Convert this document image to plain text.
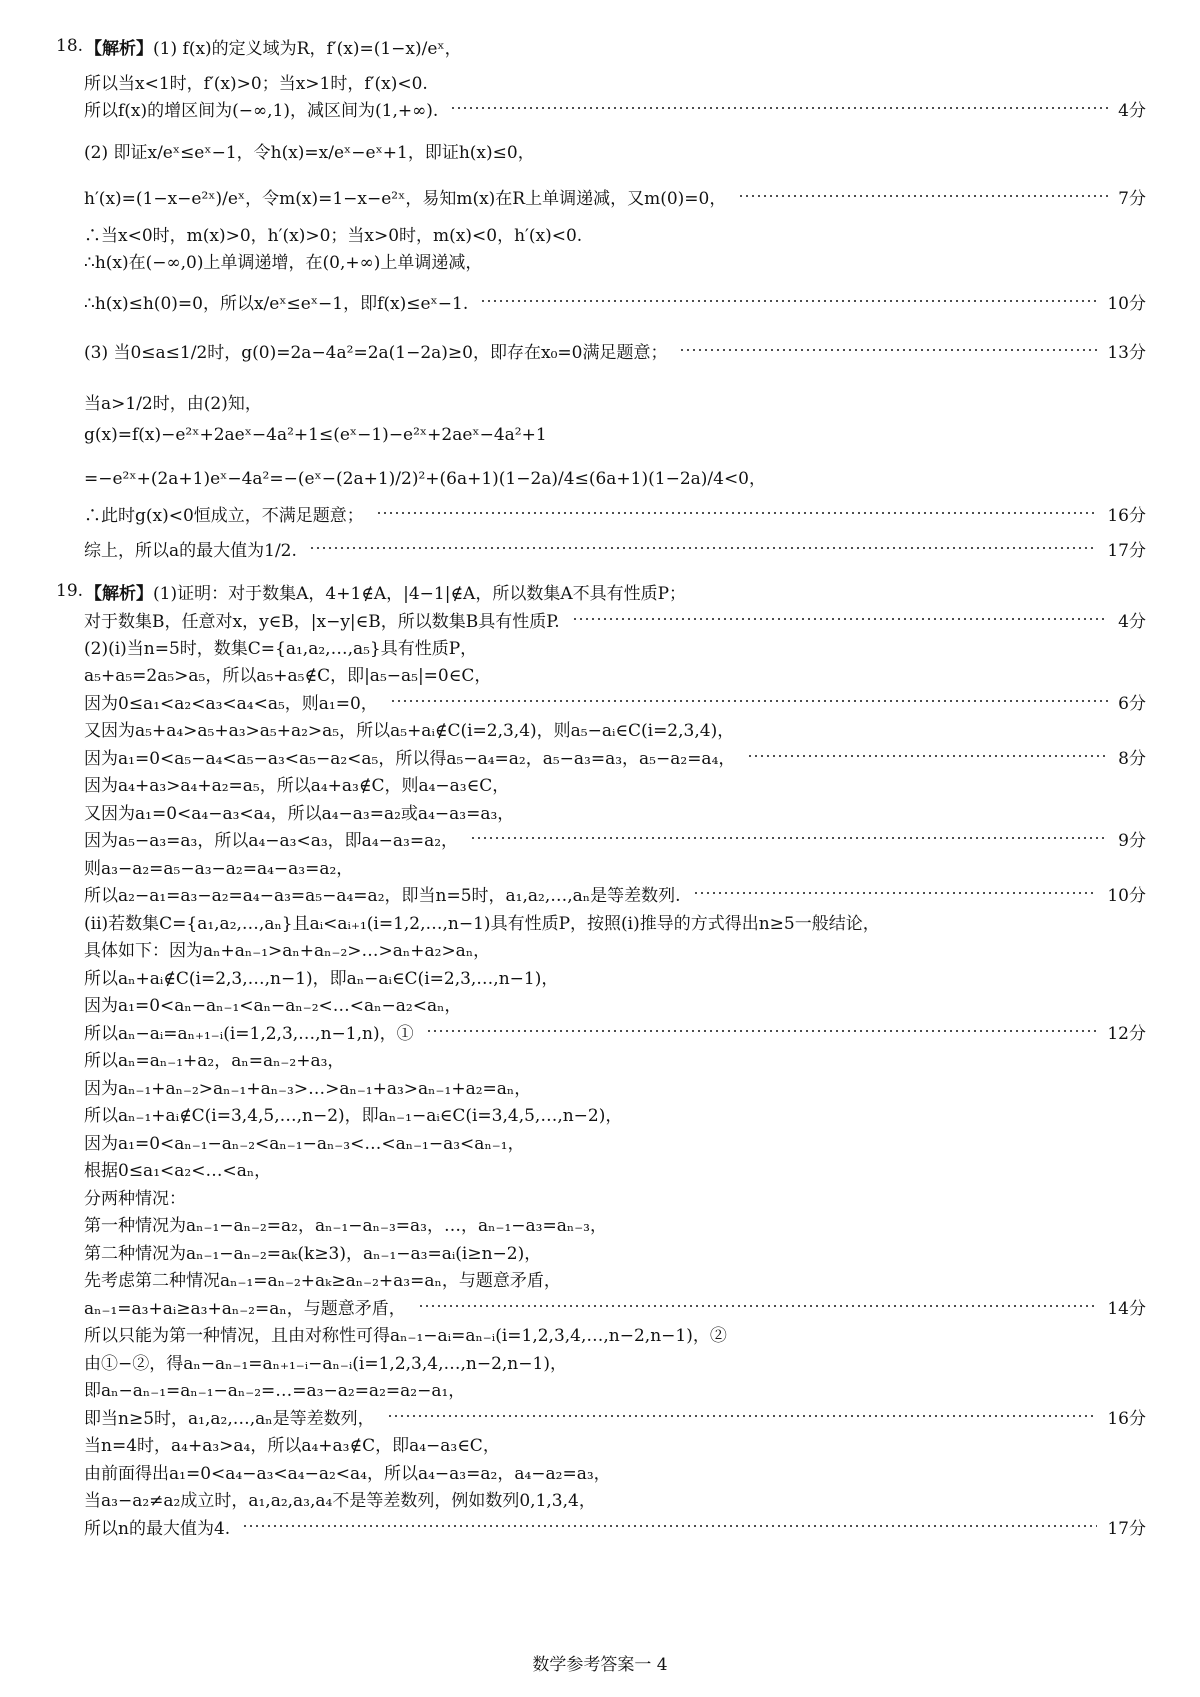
18. 【解析】 (1) f(x)的定义域为R，f′(x)=(1−x)/eˣ，
所以当x<1时，f′(x)>0；当x>1时，f′(x)<0.
所以f(x)的增区间为(−∞,1)，减区间为(1,+∞).	4分
(2) 即证x/eˣ≤eˣ−1，令h(x)=x/eˣ−eˣ+1，即证h(x)≤0，
h′(x)=(1−x−e²ˣ)/eˣ，令m(x)=1−x−e²ˣ，易知m(x)在R上单调递减，又m(0)=0，	7分
∴当x<0时，m(x)>0，h′(x)>0；当x>0时，m(x)<0，h′(x)<0.
∴h(x)在(−∞,0)上单调递增，在(0,+∞)上单调递减，
∴h(x)≤h(0)=0，所以x/eˣ≤eˣ−1，即f(x)≤eˣ−1.	10分
(3) 当0≤a≤1/2时，g(0)=2a−4a²=2a(1−2a)≥0，即存在x₀=0满足题意；	13分
当a>1/2时，由(2)知，
g(x)=f(x)−e²ˣ+2aeˣ−4a²+1≤(eˣ−1)−e²ˣ+2aeˣ−4a²+1
=−e²ˣ+(2a+1)eˣ−4a²=−(eˣ−(2a+1)/2)²+(6a+1)(1−2a)/4≤(6a+1)(1−2a)/4<0，
∴此时g(x)<0恒成立，不满足题意；	16分
综上，所以a的最大值为1/2.	17分
19. 【解析】 (1)证明：对于数集A，4+1∉A，|4−1|∉A，所以数集A不具有性质P；
对于数集B，任意对x，y∈B，|x−y|∈B，所以数集B具有性质P.	4分
(2)(i)当n=5时，数集C={a₁,a₂,…,a₅}具有性质P，
a₅+a₅=2a₅>a₅，所以a₅+a₅∉C，即|a₅−a₅|=0∈C，
因为0≤a₁<a₂<a₃<a₄<a₅，则a₁=0，	6分
又因为a₅+a₄>a₅+a₃>a₅+a₂>a₅，所以a₅+aᵢ∉C(i=2,3,4)，则a₅−aᵢ∈C(i=2,3,4)，
因为a₁=0<a₅−a₄<a₅−a₃<a₅−a₂<a₅，所以得a₅−a₄=a₂，a₅−a₃=a₃，a₅−a₂=a₄，	8分
因为a₄+a₃>a₄+a₂=a₅，所以a₄+a₃∉C，则a₄−a₃∈C，
又因为a₁=0<a₄−a₃<a₄，所以a₄−a₃=a₂或a₄−a₃=a₃，
因为a₅−a₃=a₃，所以a₄−a₃<a₃，即a₄−a₃=a₂，	9分
则a₃−a₂=a₅−a₃−a₂=a₄−a₃=a₂，
所以a₂−a₁=a₃−a₂=a₄−a₃=a₅−a₄=a₂，即当n=5时，a₁,a₂,…,aₙ是等差数列.	10分
(ii)若数集C={a₁,a₂,…,aₙ}且aᵢ<aᵢ₊₁(i=1,2,…,n−1)具有性质P，按照(i)推导的方式得出n≥5一般结论，
具体如下：因为aₙ+aₙ₋₁>aₙ+aₙ₋₂>…>aₙ+a₂>aₙ，
所以aₙ+aᵢ∉C(i=2,3,…,n−1)，即aₙ−aᵢ∈C(i=2,3,…,n−1)，
因为a₁=0<aₙ−aₙ₋₁<aₙ−aₙ₋₂<…<aₙ−a₂<aₙ，
所以aₙ−aᵢ=aₙ₊₁₋ᵢ(i=1,2,3,…,n−1,n)，①	12分
所以aₙ=aₙ₋₁+a₂，aₙ=aₙ₋₂+a₃，
因为aₙ₋₁+aₙ₋₂>aₙ₋₁+aₙ₋₃>…>aₙ₋₁+a₃>aₙ₋₁+a₂=aₙ，
所以aₙ₋₁+aᵢ∉C(i=3,4,5,…,n−2)，即aₙ₋₁−aᵢ∈C(i=3,4,5,…,n−2)，
因为a₁=0<aₙ₋₁−aₙ₋₂<aₙ₋₁−aₙ₋₃<…<aₙ₋₁−a₃<aₙ₋₁，
根据0≤a₁<a₂<…<aₙ，
分两种情况：
第一种情况为aₙ₋₁−aₙ₋₂=a₂，aₙ₋₁−aₙ₋₃=a₃，…，aₙ₋₁−a₃=aₙ₋₃，
第二种情况为aₙ₋₁−aₙ₋₂=aₖ(k≥3)，aₙ₋₁−a₃=aᵢ(i≥n−2)，
先考虑第二种情况aₙ₋₁=aₙ₋₂+aₖ≥aₙ₋₂+a₃=aₙ，与题意矛盾，
aₙ₋₁=a₃+aᵢ≥a₃+aₙ₋₂=aₙ，与题意矛盾，	14分
所以只能为第一种情况，且由对称性可得aₙ₋₁−aᵢ=aₙ₋ᵢ(i=1,2,3,4,…,n−2,n−1)，②
由①−②，得aₙ−aₙ₋₁=aₙ₊₁₋ᵢ−aₙ₋ᵢ(i=1,2,3,4,…,n−2,n−1)，
即aₙ−aₙ₋₁=aₙ₋₁−aₙ₋₂=…=a₃−a₂=a₂=a₂−a₁，
即当n≥5时，a₁,a₂,…,aₙ是等差数列，	16分
当n=4时，a₄+a₃>a₄，所以a₄+a₃∉C，即a₄−a₃∈C，
由前面得出a₁=0<a₄−a₃<a₄−a₂<a₄，所以a₄−a₃=a₂，a₄−a₂=a₃，
当a₃−a₂≠a₂成立时，a₁,a₂,a₃,a₄不是等差数列，例如数列0,1,3,4，
所以n的最大值为4.	17分
数学参考答案一 4
